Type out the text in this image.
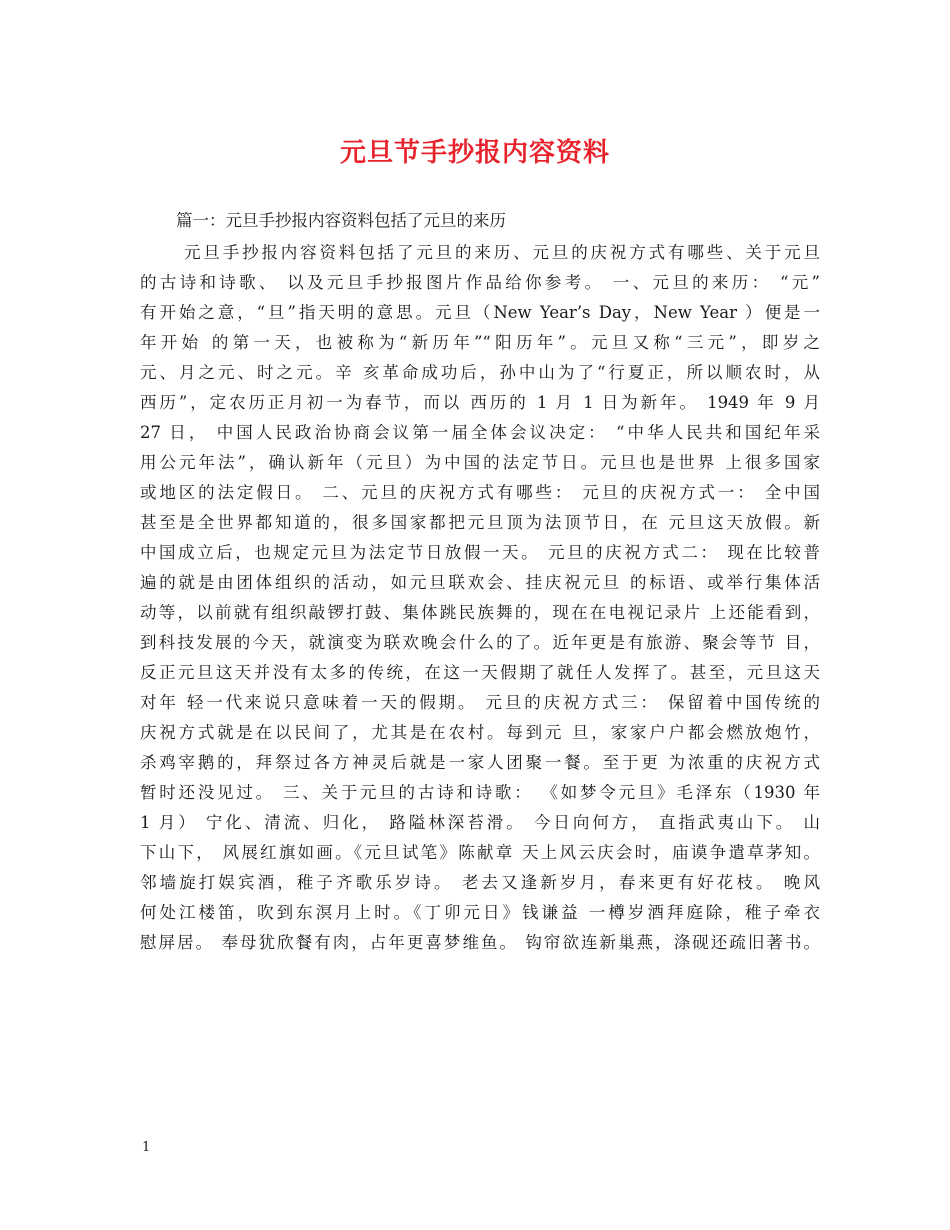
元旦节手抄报内容资料

篇一：元旦手抄报内容资料包括了元旦的来历

元旦手抄报内容资料包括了元旦的来历、元旦的庆祝方式有哪些、关于元旦
的古诗和诗歌、 以及元旦手抄报图片作品给你参考。 一、元旦的来历： “元”
有开始之意，“旦”指天明的意思。元旦（New Year’s Day，New Year ）便是一
年开始 的第一天，也被称为“新历年”“阳历年”。元旦又称“三元”，即岁之
元、月之元、时之元。辛 亥革命成功后，孙中山为了“行夏正，所以顺农时，从
西历”，定农历正月初一为春节，而以 西历的 1 月 1 日为新年。 1949 年 9 月
27 日， 中国人民政治协商会议第一届全体会议决定： “中华人民共和国纪年采
用公元年法”，确认新年（元旦）为中国的法定节日。元旦也是世界 上很多国家
或地区的法定假日。 二、元旦的庆祝方式有哪些： 元旦的庆祝方式一： 全中国
甚至是全世界都知道的，很多国家都把元旦顶为法顶节日，在 元旦这天放假。新
中国成立后，也规定元旦为法定节日放假一天。 元旦的庆祝方式二： 现在比较普
遍的就是由团体组织的活动，如元旦联欢会、挂庆祝元旦 的标语、或举行集体活
动等，以前就有组织敲锣打鼓、集体跳民族舞的，现在在电视记录片 上还能看到，
到科技发展的今天，就演变为联欢晚会什么的了。近年更是有旅游、聚会等节 目，
反正元旦这天并没有太多的传统，在这一天假期了就任人发挥了。甚至，元旦这天
对年 轻一代来说只意味着一天的假期。 元旦的庆祝方式三： 保留着中国传统的
庆祝方式就是在以民间了，尤其是在农村。每到元 旦，家家户户都会燃放炮竹，
杀鸡宰鹅的，拜祭过各方神灵后就是一家人团聚一餐。至于更 为浓重的庆祝方式
暂时还没见过。 三、关于元旦的古诗和诗歌： 《如梦令元旦》毛泽东（1930 年
1 月） 宁化、清流、归化， 路隘林深苔滑。 今日向何方， 直指武夷山下。 山
下山下， 风展红旗如画。《元旦试笔》陈献章 天上风云庆会时，庙谟争遣草茅知。
邻墙旋打娱宾酒，稚子齐歌乐岁诗。 老去又逢新岁月，春来更有好花枝。 晚风
何处江楼笛，吹到东溟月上时。《丁卯元日》钱谦益 一樽岁酒拜庭除，稚子牵衣
慰屏居。 奉母犹欣餐有肉，占年更喜梦维鱼。 钩帘欲连新巢燕，涤砚还疏旧著书。

1
